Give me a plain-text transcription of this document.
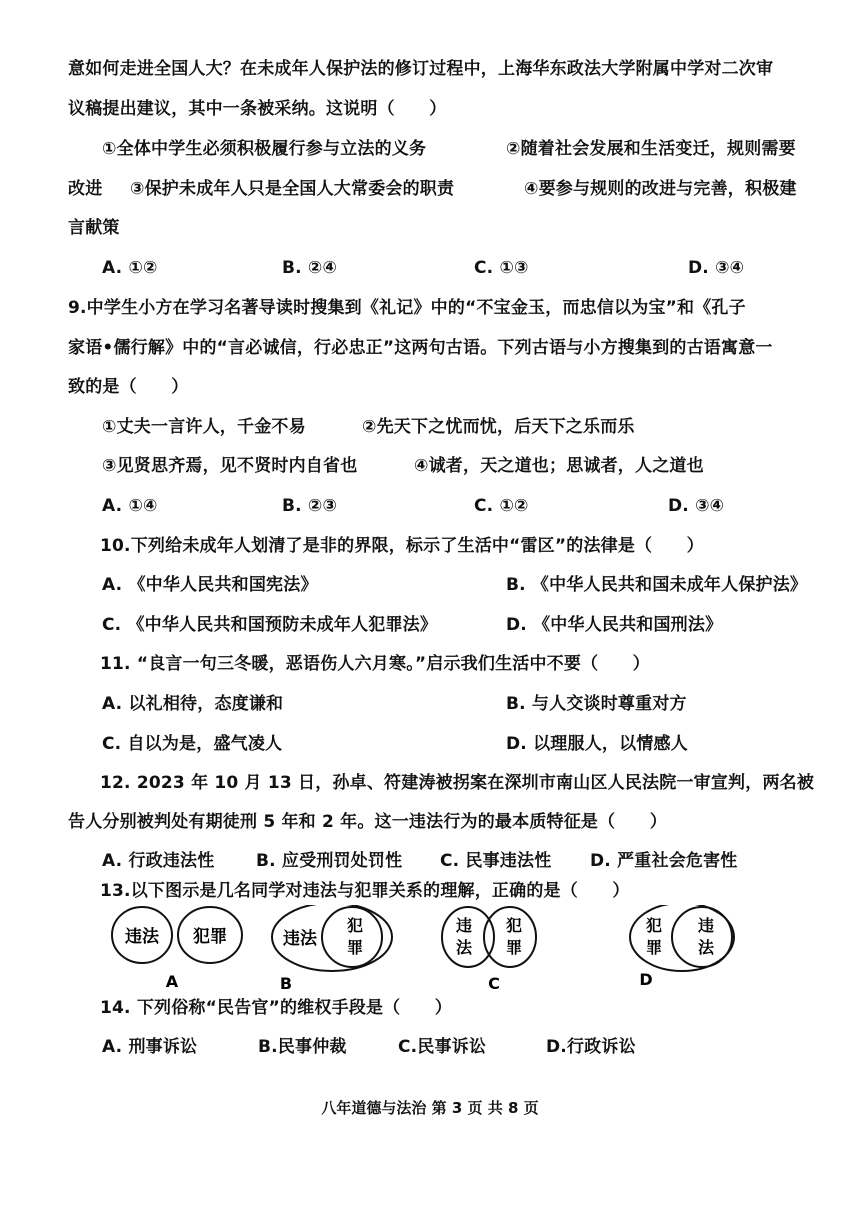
意如何走进全国人大？在未成年人保护法的修订过程中，上海华东政法大学附属中学对二次审
议稿提出建议，其中一条被采纳。这说明（　　）
①全体中学生必须积极履行参与立法的义务	②随着社会发展和生活变迁，规则需要
改进 ③保护未成年人只是全国人大常委会的职责	④要参与规则的改进与完善，积极建
言献策
A. ①②	B. ②④	C. ①③	D. ③④
9.中学生小方在学习名著导读时搜集到《礼记》中的“不宝金玉，而忠信以为宝”和《孔子
家语•儒行解》中的“言必诚信，行必忠正”这两句古语。下列古语与小方搜集到的古语寓意一
致的是（　　）
①丈夫一言许人，千金不易	②先天下之忧而忧，后天下之乐而乐
③见贤思齐焉，见不贤时内自省也	④诚者，天之道也；思诚者，人之道也
A. ①④	B. ②③	C. ①②	D. ③④
10.下列给未成年人划清了是非的界限，标示了生活中“雷区”的法律是（　　）
A. 《中华人民共和国宪法》	B. 《中华人民共和国未成年人保护法》
C. 《中华人民共和国预防未成年人犯罪法》	D. 《中华人民共和国刑法》
11. “良言一句三冬暖，恶语伤人六月寒。”启示我们生活中不要（　　）
A. 以礼相待，态度谦和	B. 与人交谈时尊重对方
C. 自以为是，盛气凌人	D. 以理服人，以情感人
12. 2023 年 10 月 13 日，孙卓、符建涛被拐案在深圳市南山区人民法院一审宣判，两名被
告人分别被判处有期徒刑 5 年和 2 年。这一违法行为的最本质特征是（　　）
A. 行政违法性 B. 应受刑罚处罚性 C. 民事违法性 D. 严重社会危害性
13.以下图示是几名同学对违法与犯罪关系的理解，正确的是（　　）
A. 刑事诉讼	B.民事仲裁	C.民事诉讼	D.行政诉讼
14. 下列俗称“民告官”的维权手段是（　　）
违法 犯罪
A
违法
犯
罪
B
违
法
犯
罪
C
犯
罪
违
法
D
八年道德与法治 第 3 页 共 8 页
